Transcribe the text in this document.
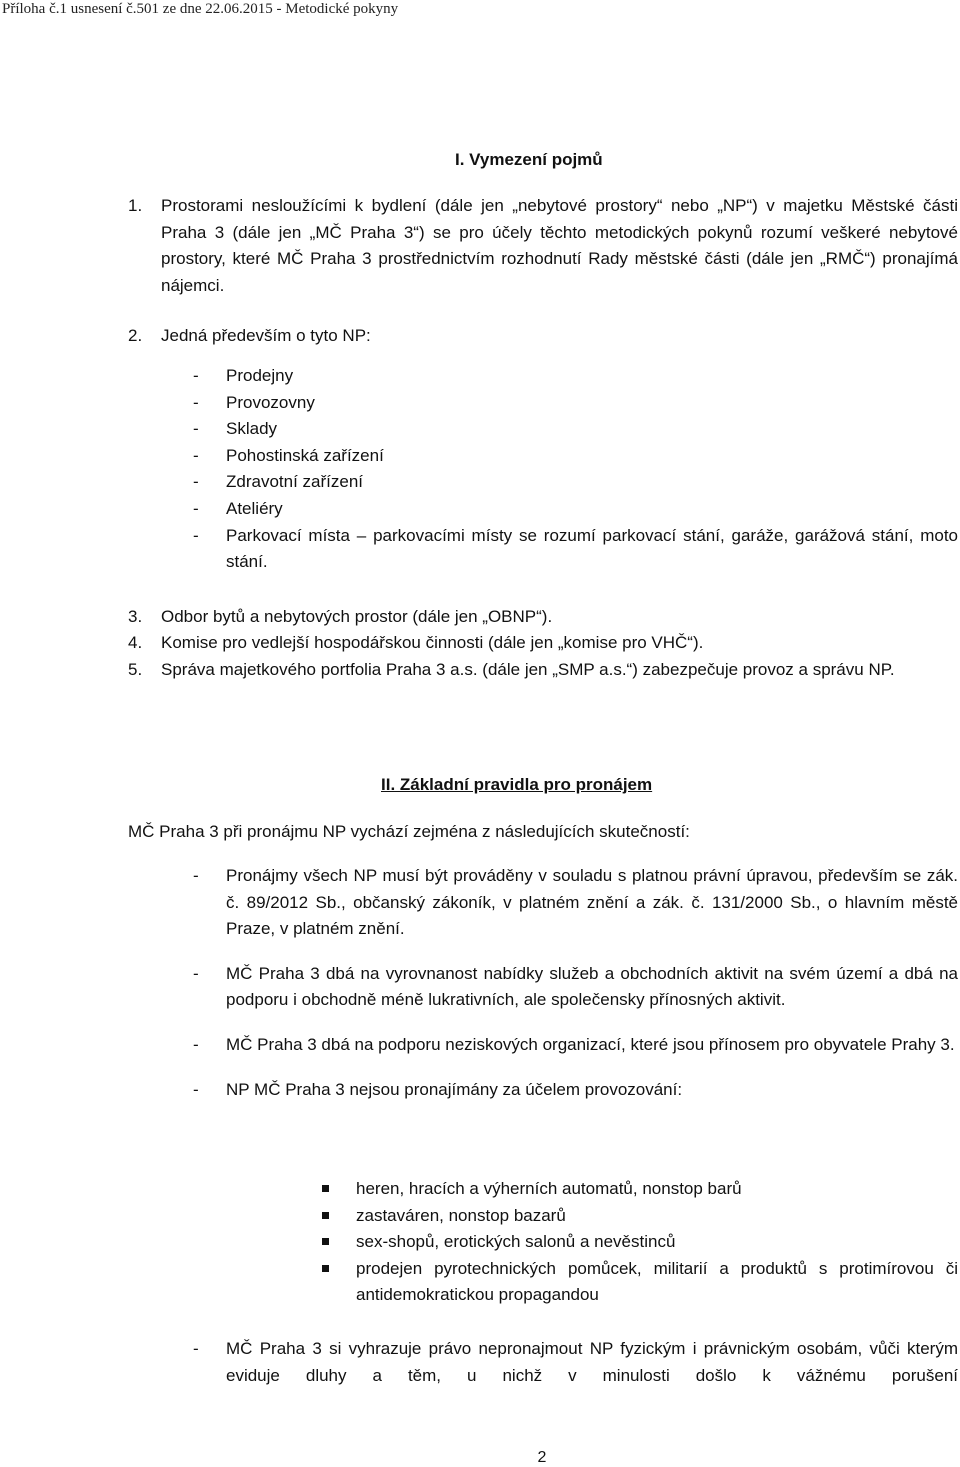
Příloha č.1 usnesení č.501 ze dne 22.06.2015 - Metodické pokyny
I. Vymezení pojmů
1. Prostorami nesloužícími k bydlení (dále jen „nebytové prostory“ nebo „NP“) v majetku Městské části Praha 3 (dále jen „MČ Praha 3“) se pro účely těchto metodických pokynů rozumí veškeré nebytové prostory, které MČ Praha 3 prostřednictvím rozhodnutí Rady městské části (dále jen „RMČ“) pronajímá nájemci.
2. Jedná především o tyto NP:
- Prodejny
- Provozovny
- Sklady
- Pohostinská zařízení
- Zdravotní zařízení
- Ateliéry
- Parkovací místa – parkovacími místy se rozumí parkovací stání, garáže, garážová stání, moto stání.
3. Odbor bytů a nebytových prostor (dále jen „OBNP“).
4. Komise pro vedlejší hospodářskou činnosti (dále jen „komise pro VHČ“).
5. Správa majetkového portfolia Praha 3 a.s. (dále jen „SMP a.s.“) zabezpečuje provoz a správu NP.
II. Základní pravidla pro pronájem
MČ Praha 3 při pronájmu NP vychází zejména z následujících skutečností:
- Pronájmy všech NP musí být prováděny v souladu s platnou právní úpravou, především se zák. č. 89/2012 Sb., občanský zákoník, v platném znění a zák. č. 131/2000 Sb., o hlavním městě Praze, v platném znění.
- MČ Praha 3 dbá na vyrovnanost nabídky služeb a obchodních aktivit na svém území a dbá na podporu i obchodně méně lukrativních, ale společensky přínosných aktivit.
- MČ Praha 3 dbá na podporu neziskových organizací, které jsou přínosem pro obyvatele Prahy 3.
- NP MČ Praha 3 nejsou pronajímány za účelem provozování:
heren, hracích a výherních automatů, nonstop barů
zastaváren, nonstop bazarů
sex-shopů, erotických salonů a nevěstinců
prodejen pyrotechnických pomůcek, militarií a produktů s protimírovou či antidemokratickou propagandou
- MČ Praha 3 si vyhrazuje právo nepronajmout NP fyzickým i právnickým osobám, vůči kterým eviduje dluhy a těm, u nichž v minulosti došlo k vážnému porušení
2
